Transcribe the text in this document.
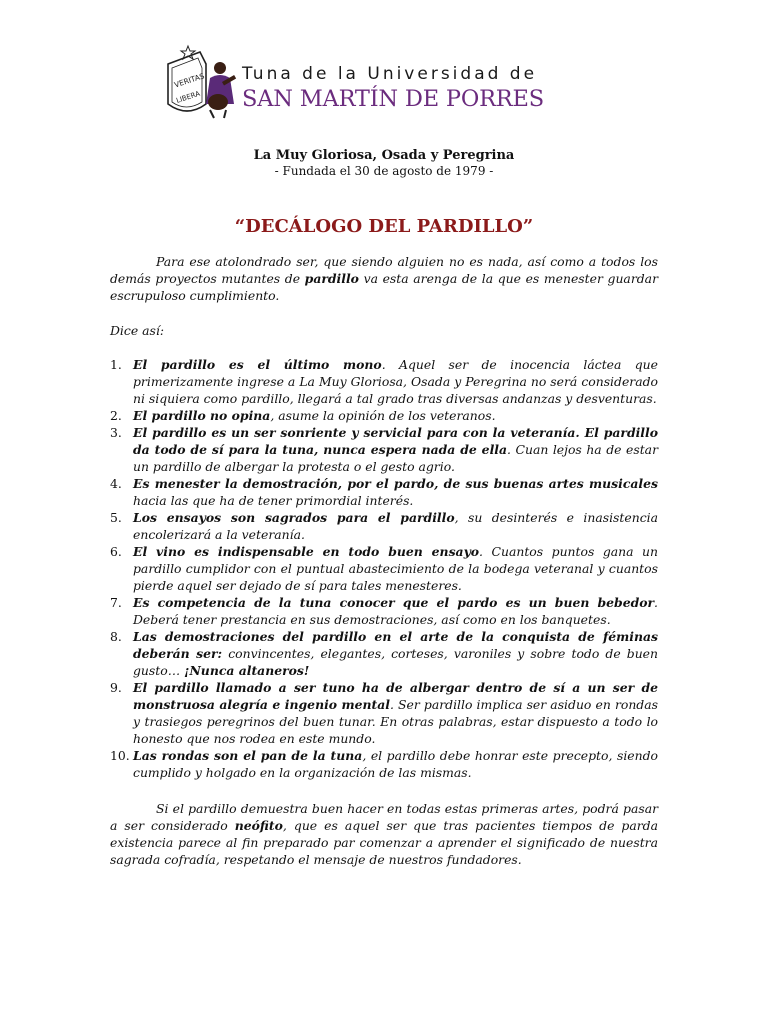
VERITAS
LIBERA
Tuna de la Universidad de
SAN MARTÍN DE PORRES
La Muy Gloriosa, Osada y Peregrina
- Fundada el 30 de agosto de 1979 -
“DECÁLOGO DEL PARDILLO”

Para ese atolondrado ser, que siendo alguien no es nada, así como a todos los demás proyectos mutantes de pardillo va esta arenga de la que es menester guardar escrupuloso cumplimiento.

Dice así:

1. El pardillo es el último mono. Aquel ser de inocencia láctea que primerizamente ingrese a La Muy Gloriosa, Osada y Peregrina no será considerado ni siquiera como pardillo, llegará a tal grado tras diversas andanzas y desventuras.
2. El pardillo no opina, asume la opinión de los veteranos.
3. El pardillo es un ser sonriente y servicial para con la veteranía. El pardillo da todo de sí para la tuna, nunca espera nada de ella. Cuan lejos ha de estar un pardillo de albergar la protesta o el gesto agrio.
4. Es menester la demostración, por el pardo, de sus buenas artes musicales hacia las que ha de tener primordial interés.
5. Los ensayos son sagrados para el pardillo, su desinterés e inasistencia encolerizará a la veteranía.
6. El vino es indispensable en todo buen ensayo. Cuantos puntos gana un pardillo cumplidor con el puntual abastecimiento de la bodega veteranal y cuantos pierde aquel ser dejado de sí para tales menesteres.
7. Es competencia de la tuna conocer que el pardo es un buen bebedor. Deberá tener prestancia en sus demostraciones, así como en los banquetes.
8. Las demostraciones del pardillo en el arte de la conquista de féminas deberán ser: convincentes, elegantes, corteses, varoniles y sobre todo de buen gusto… ¡Nunca altaneros!
9. El pardillo llamado a ser tuno ha de albergar dentro de sí a un ser de monstruosa alegría e ingenio mental. Ser pardillo implica ser asiduo en rondas y trasiegos peregrinos del buen tunar. En otras palabras, estar dispuesto a todo lo honesto que nos rodea en este mundo.
10. Las rondas son el pan de la tuna, el pardillo debe honrar este precepto, siendo cumplido y holgado en la organización de las mismas.

Si el pardillo demuestra buen hacer en todas estas primeras artes, podrá pasar a ser considerado neófito, que es aquel ser que tras pacientes tiempos de parda existencia parece al fin preparado par comenzar a aprender el significado de nuestra sagrada cofradía, respetando el mensaje de nuestros fundadores.
